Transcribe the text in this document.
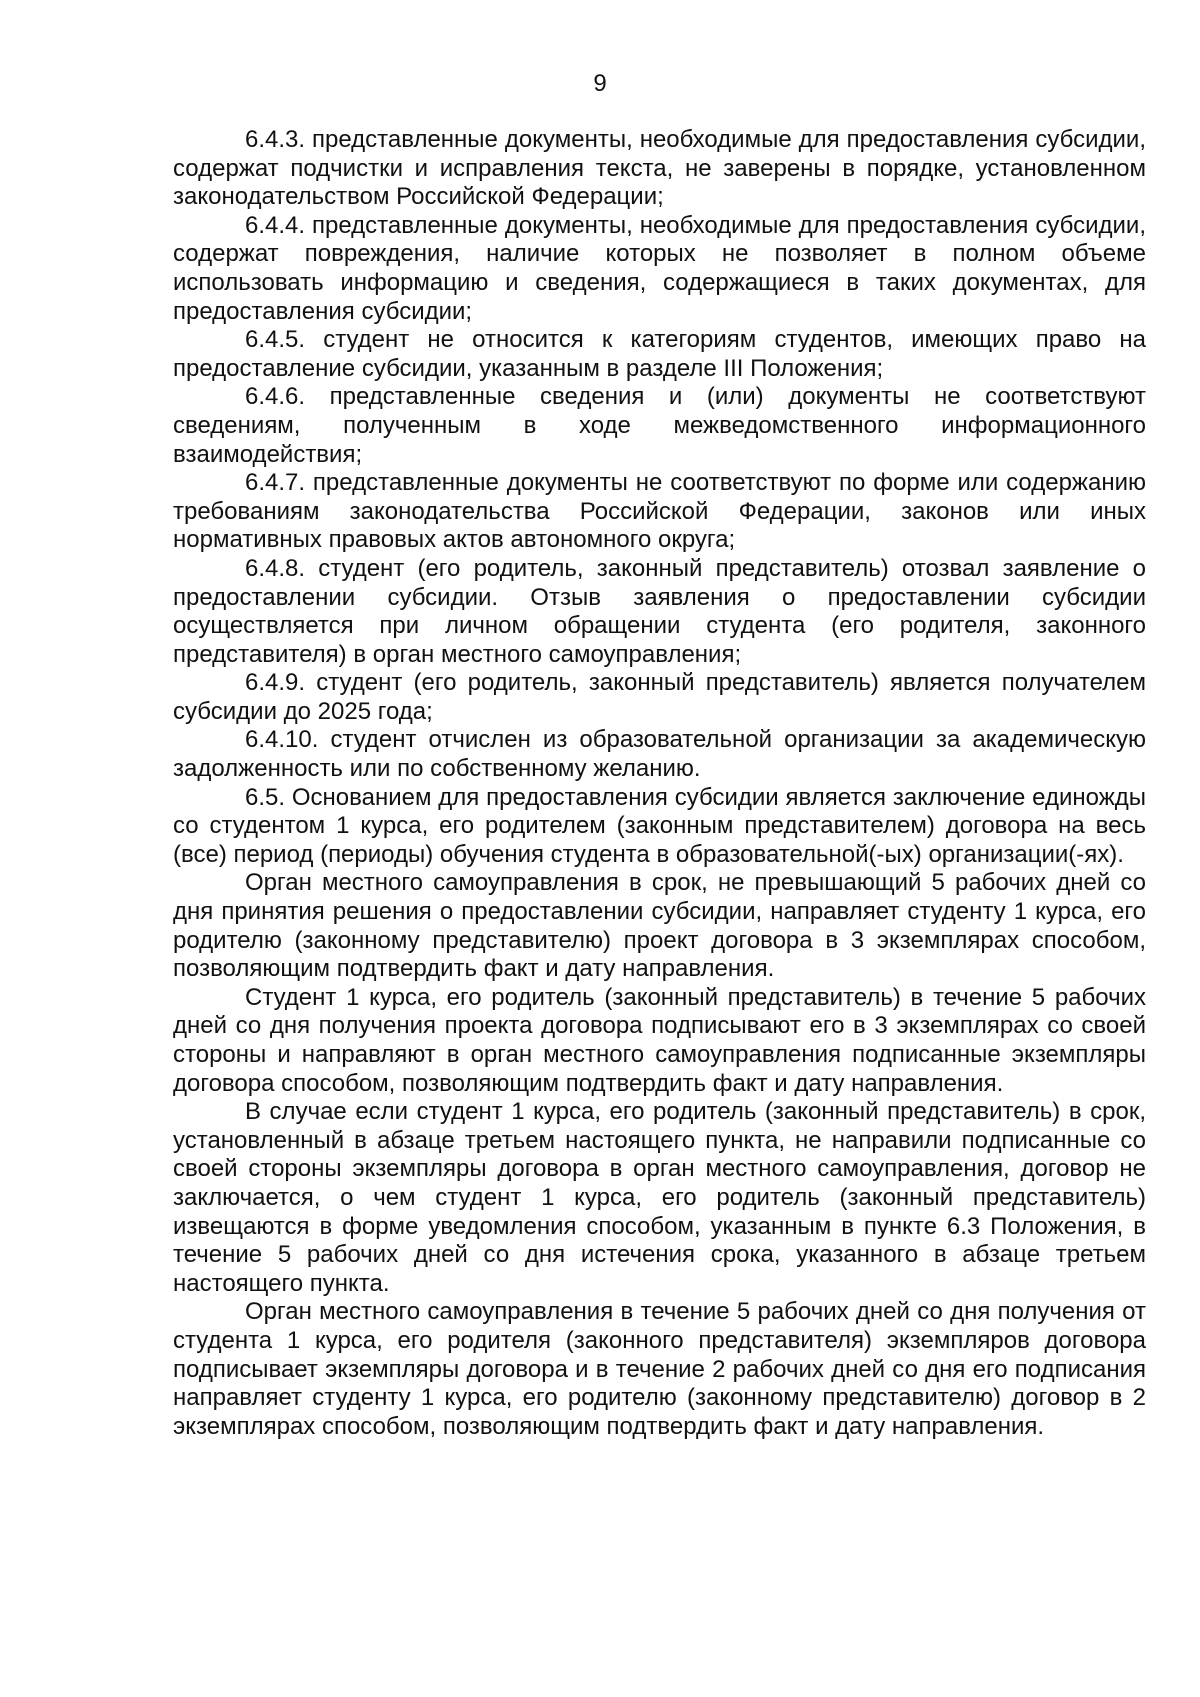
9

6.4.3. представленные документы, необходимые для предоставления субсидии, содержат подчистки и исправления текста, не заверены в порядке, установленном законодательством Российской Федерации;

6.4.4. представленные документы, необходимые для предоставления субсидии, содержат повреждения, наличие которых не позволяет в полном объеме использовать информацию и сведения, содержащиеся в таких документах, для предоставления субсидии;

6.4.5. студент не относится к категориям студентов, имеющих право на предоставление субсидии, указанным в разделе III Положения;

6.4.6. представленные сведения и (или) документы не соответствуют сведениям, полученным в ходе межведомственного информационного взаимодействия;

6.4.7. представленные документы не соответствуют по форме или содержанию требованиям законодательства Российской Федерации, законов или иных нормативных правовых актов автономного округа;

6.4.8. студент (его родитель, законный представитель) отозвал заявление о предоставлении субсидии. Отзыв заявления о предоставлении субсидии осуществляется при личном обращении студента (его родителя, законного представителя) в орган местного самоуправления;

6.4.9. студент (его родитель, законный представитель) является получателем субсидии до 2025 года;

6.4.10. студент отчислен из образовательной организации за академическую задолженность или по собственному желанию.

6.5. Основанием для предоставления субсидии является заключение единожды со студентом 1 курса, его родителем (законным представителем) договора на весь (все) период (периоды) обучения студента в образовательной(-ых) организации(-ях).

Орган местного самоуправления в срок, не превышающий 5 рабочих дней со дня принятия решения о предоставлении субсидии, направляет студенту 1 курса, его родителю (законному представителю) проект договора в 3 экземплярах способом, позволяющим подтвердить факт и дату направления.

Студент 1 курса, его родитель (законный представитель) в течение 5 рабочих дней со дня получения проекта договора подписывают его в 3 экземплярах со своей стороны и направляют в орган местного самоуправления подписанные экземпляры договора способом, позволяющим подтвердить факт и дату направления.

В случае если студент 1 курса, его родитель (законный представитель) в срок, установленный в абзаце третьем настоящего пункта, не направили подписанные со своей стороны экземпляры договора в орган местного самоуправления, договор не заключается, о чем студент 1 курса, его родитель (законный представитель) извещаются в форме уведомления способом, указанным в пункте 6.3 Положения, в течение 5 рабочих дней со дня истечения срока, указанного в абзаце третьем настоящего пункта.

Орган местного самоуправления в течение 5 рабочих дней со дня получения от студента 1 курса, его родителя (законного представителя) экземпляров договора подписывает экземпляры договора и в течение 2 рабочих дней со дня его подписания направляет студенту 1 курса, его родителю (законному представителю) договор в 2 экземплярах способом, позволяющим подтвердить факт и дату направления.
